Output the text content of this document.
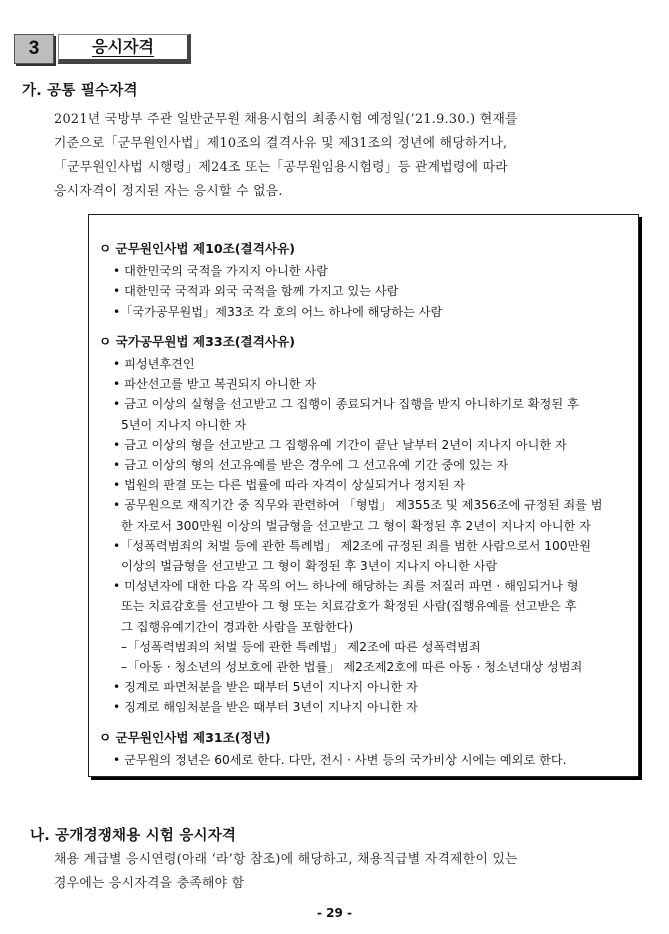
3	응시자격
가. 공통 필수자격
2021년 국방부 주관 일반군무원 채용시험의 최종시험 예정일(’21.9.30.) 현재를
기준으로「군무원인사법」제10조의 결격사유 및 제31조의 정년에 해당하거나,
「군무원인사법 시행령」제24조 또는「공무원임용시험령」등 관계법령에 따라
응시자격이 정지된 자는 응시할 수 없음.
ㅇ 군무원인사법 제10조(결격사유)
• 대한민국의 국적을 가지지 아니한 사람
• 대한민국 국적과 외국 국적을 함께 가지고 있는 사람
•「국가공무원법」제33조 각 호의 어느 하나에 해당하는 사람
ㅇ 국가공무원법 제33조(결격사유)
• 피성년후견인
• 파산선고를 받고 복권되지 아니한 자
• 금고 이상의 실형을 선고받고 그 집행이 종료되거나 집행을 받지 아니하기로 확정된 후
5년이 지나지 아니한 자
• 금고 이상의 형을 선고받고 그 집행유예 기간이 끝난 날부터 2년이 지나지 아니한 자
• 금고 이상의 형의 선고유예를 받은 경우에 그 선고유예 기간 중에 있는 자
• 법원의 판결 또는 다른 법률에 따라 자격이 상실되거나 정지된 자
• 공무원으로 재직기간 중 직무와 관련하여 「형법」 제355조 및 제356조에 규정된 죄를 범
한 자로서 300만원 이상의 벌금형을 선고받고 그 형이 확정된 후 2년이 지나지 아니한 자
•「성폭력범죄의 처벌 등에 관한 특례법」 제2조에 규정된 죄를 범한 사람으로서 100만원
이상의 벌금형을 선고받고 그 형이 확정된 후 3년이 지나지 아니한 사람
• 미성년자에 대한 다음 각 목의 어느 하나에 해당하는 죄를 저질러 파면 · 해임되거나 형
또는 치료감호를 선고받아 그 형 또는 치료감호가 확정된 사람(집행유예를 선고받은 후
그 집행유예기간이 경과한 사람을 포함한다)
–「성폭력범죄의 처벌 등에 관한 특례법」 제2조에 따른 성폭력범죄
–「아동 · 청소년의 성보호에 관한 법률」 제2조제2호에 따른 아동 · 청소년대상 성범죄
• 징계로 파면처분을 받은 때부터 5년이 지나지 아니한 자
• 징계로 해임처분을 받은 때부터 3년이 지나지 아니한 자
ㅇ 군무원인사법 제31조(정년)
• 군무원의 정년은 60세로 한다. 다만, 전시 · 사변 등의 국가비상 시에는 예외로 한다.
나. 공개경쟁채용 시험 응시자격
채용 계급별 응시연령(아래 ‘라’항 참조)에 해당하고, 채용직급별 자격제한이 있는
경우에는 응시자격을 충족해야 함
- 29 -
